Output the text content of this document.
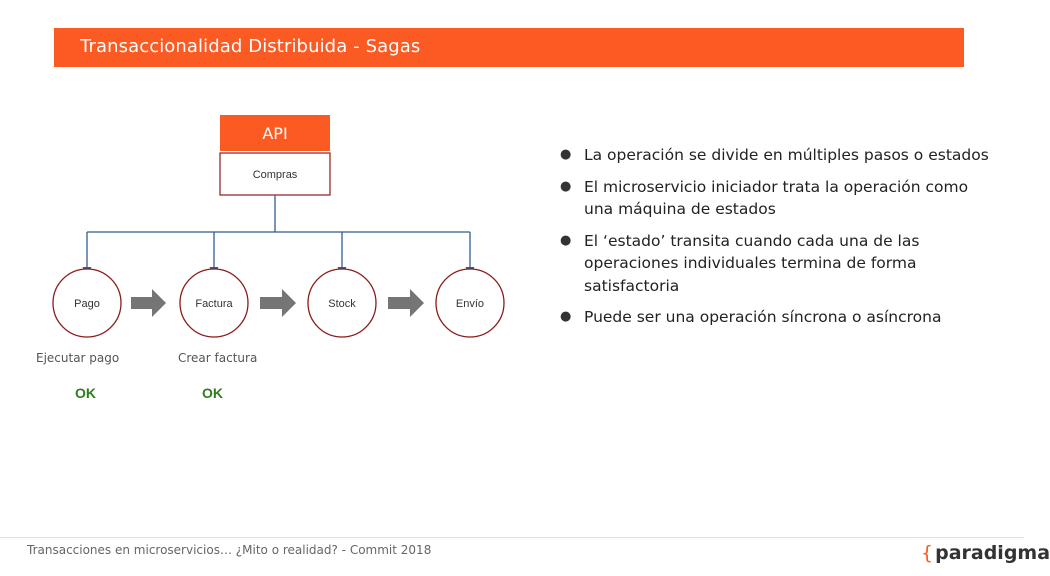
Transaccionalidad Distribuida - Sagas
API
Compras
Pago	Factura	Stock	Envío
Ejecutar pago	Crear factura
OK	OK
● La operación se divide en múltiples pasos o estados
● El microservicio iniciador trata la operación como una máquina de estados
● El ‘estado’ transita cuando cada una de las operaciones individuales termina de forma satisfactoria
● Puede ser una operación síncrona o asíncrona
Transacciones en microservicios… ¿Mito o realidad? - Commit 2018	{ paradigma
